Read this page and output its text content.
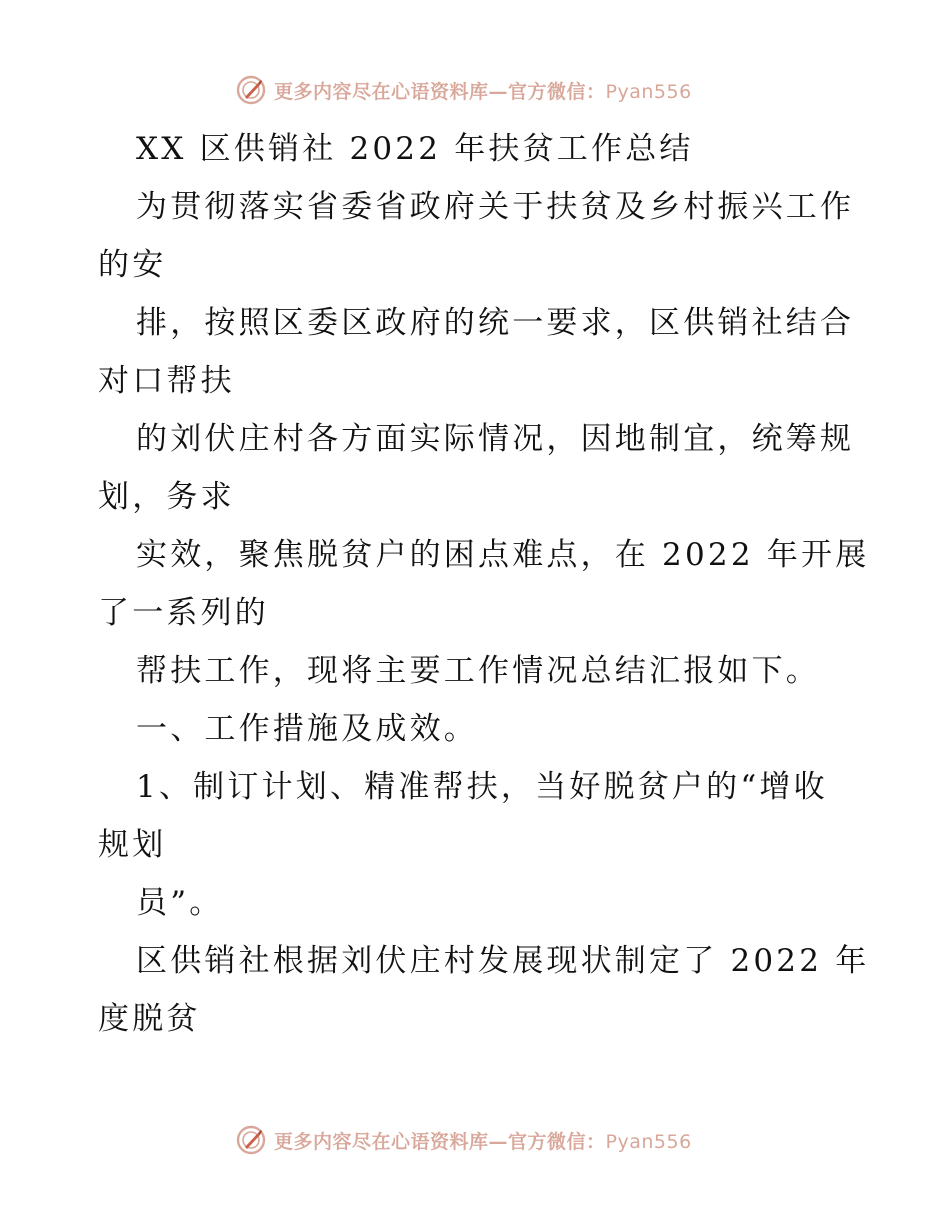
更多内容尽在心语资料库—官方微信：Pyan556
XX 区供销社 2022 年扶贫工作总结
为贯彻落实省委省政府关于扶贫及乡村振兴工作
的安
排，按照区委区政府的统一要求，区供销社结合
对口帮扶
的刘伏庄村各方面实际情况，因地制宜，统筹规
划，务求
实效，聚焦脱贫户的困点难点，在 2022 年开展
了一系列的
帮扶工作，现将主要工作情况总结汇报如下。
一、工作措施及成效。
1、制订计划、精准帮扶，当好脱贫户的“增收
规划
员”。
区供销社根据刘伏庄村发展现状制定了 2022 年
度脱贫
更多内容尽在心语资料库—官方微信：Pyan556
